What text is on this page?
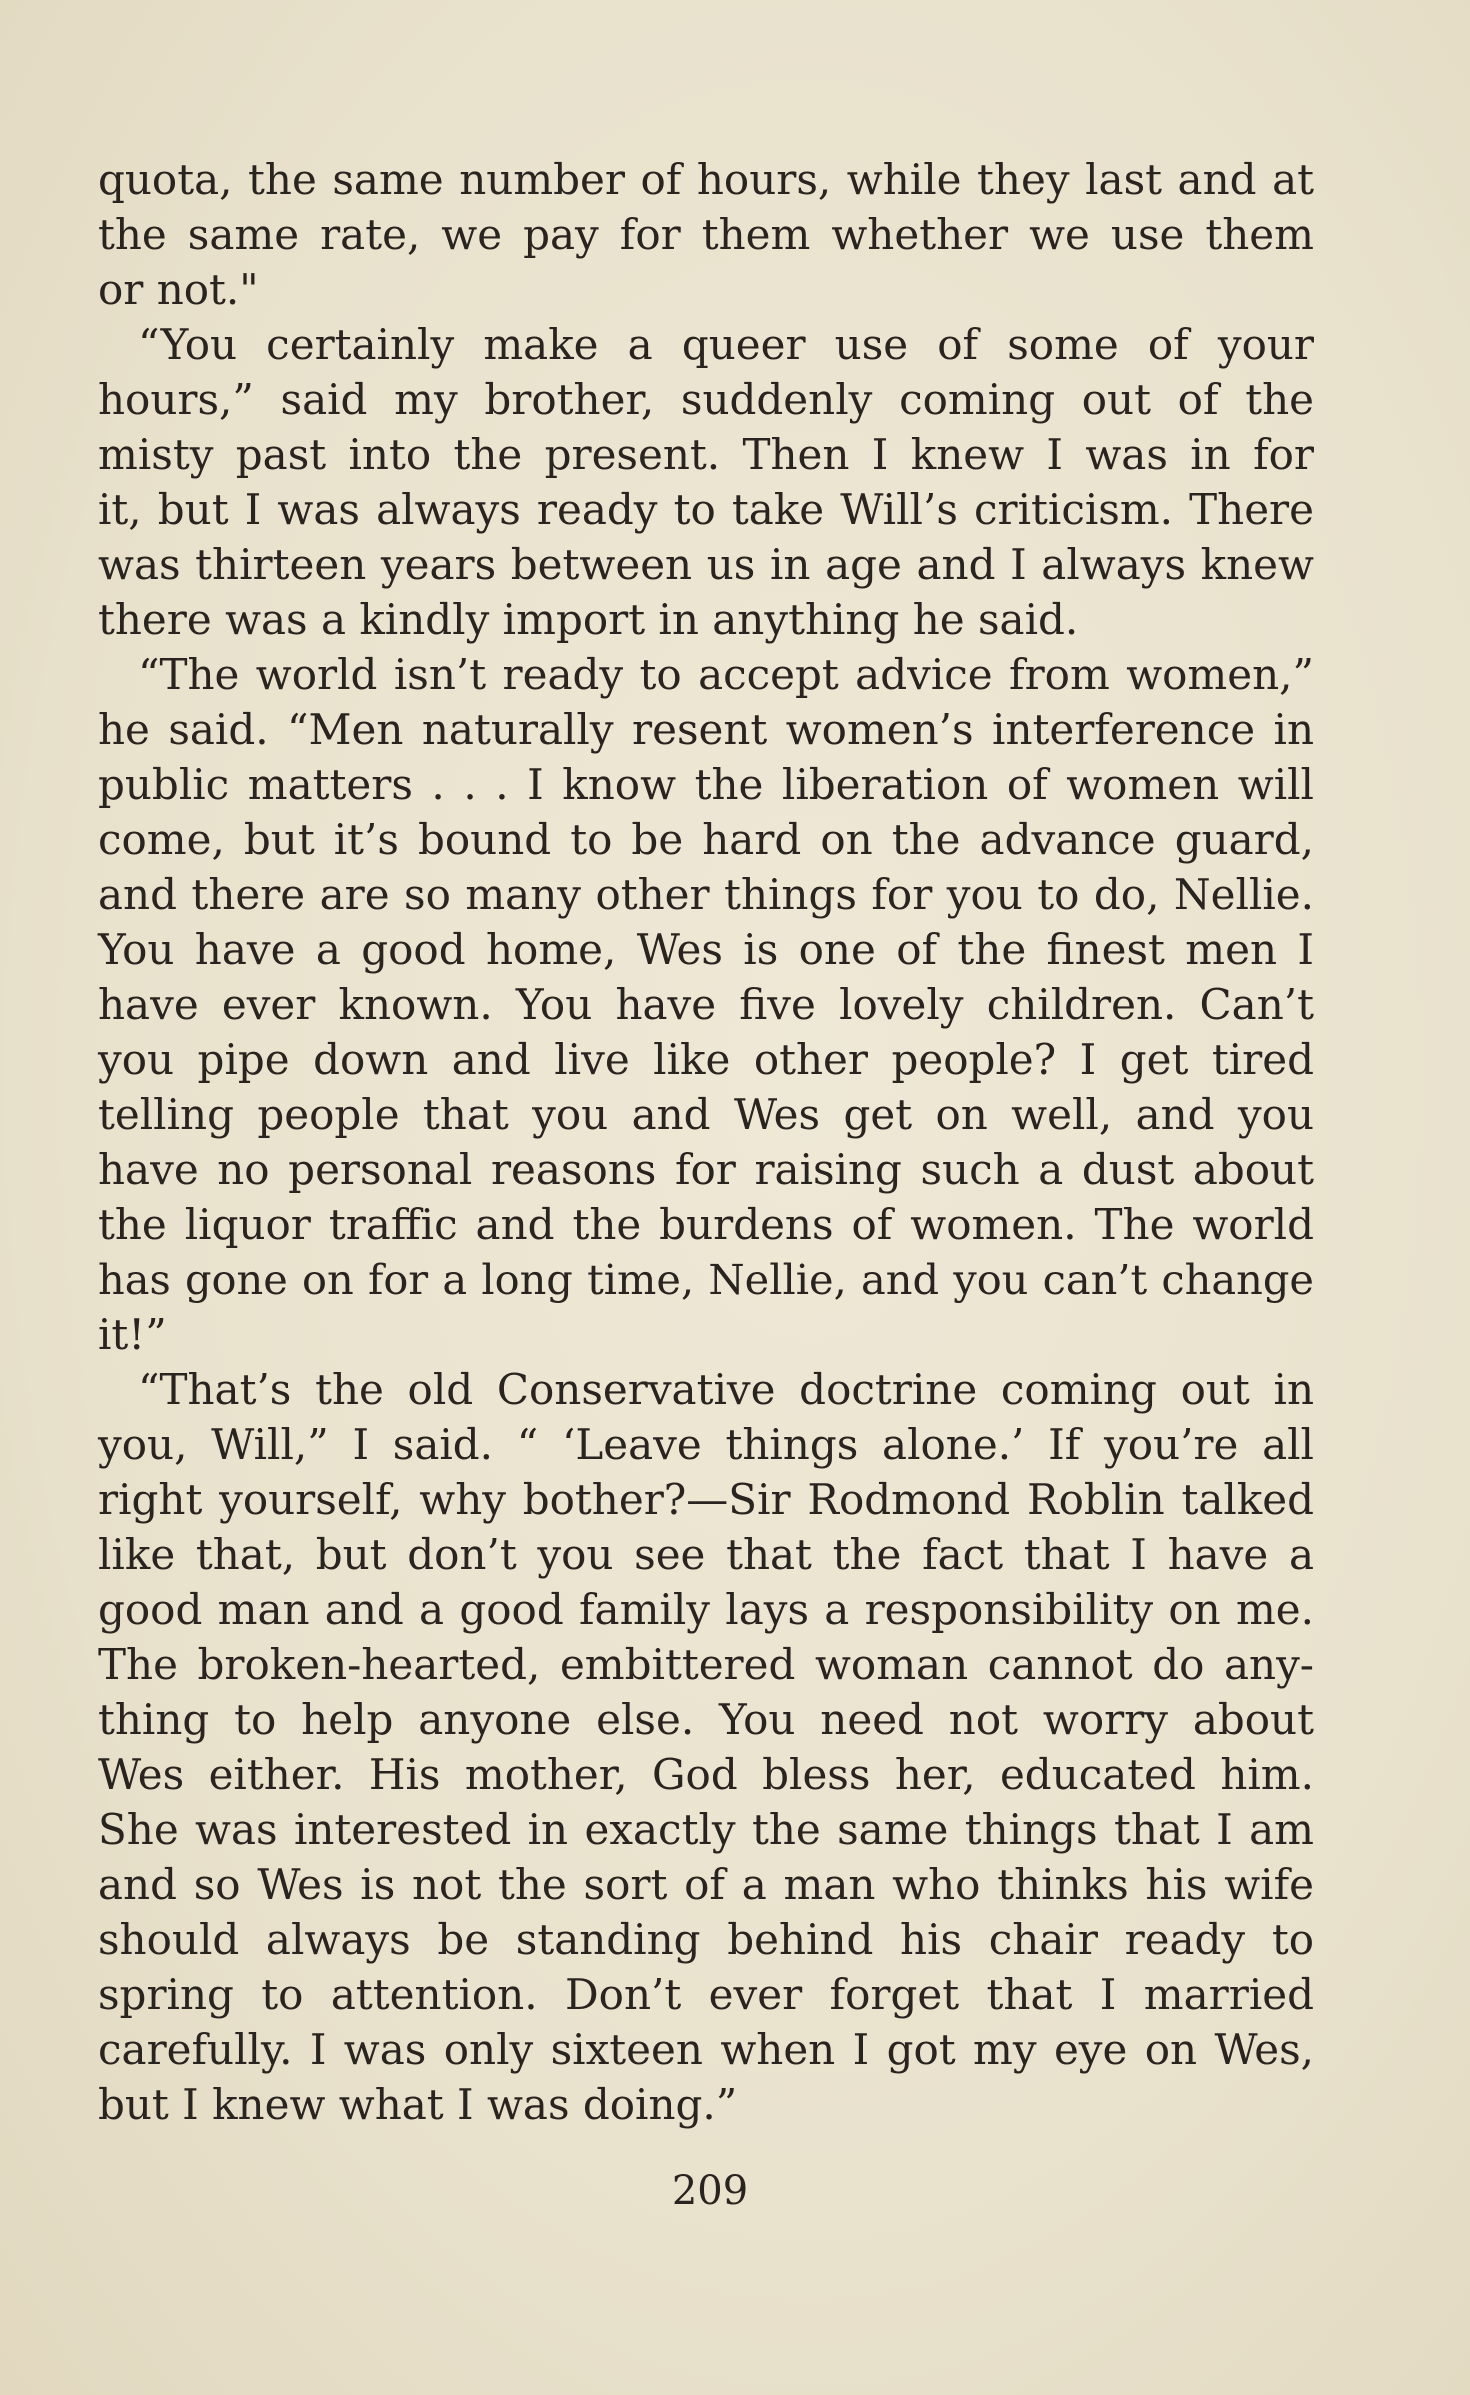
quota, the same number of hours, while they last and at
the same rate, we pay for them whether we use them
or not."
“You certainly make a queer use of some of your
hours,” said my brother, suddenly coming out of the
misty past into the present. Then I knew I was in for
it, but I was always ready to take Will’s criticism. There
was thirteen years between us in age and I always knew
there was a kindly import in anything he said.
“The world isn’t ready to accept advice from women,”
he said. “Men naturally resent women’s interference in
public matters . . . I know the liberation of women will
come, but it’s bound to be hard on the advance guard,
and there are so many other things for you to do, Nellie.
You have a good home, Wes is one of the finest men I
have ever known. You have five lovely children. Can’t
you pipe down and live like other people? I get tired
telling people that you and Wes get on well, and you
have no personal reasons for raising such a dust about
the liquor traffic and the burdens of women. The world
has gone on for a long time, Nellie, and you can’t change
it!”
“That’s the old Conservative doctrine coming out in
you, Will,” I said. “ ‘Leave things alone.’ If you’re all
right yourself, why bother?—Sir Rodmond Roblin talked
like that, but don’t you see that the fact that I have a
good man and a good family lays a responsibility on me.
The broken-hearted, embittered woman cannot do any-
thing to help anyone else. You need not worry about
Wes either. His mother, God bless her, educated him.
She was interested in exactly the same things that I am
and so Wes is not the sort of a man who thinks his wife
should always be standing behind his chair ready to
spring to attention. Don’t ever forget that I married
carefully. I was only sixteen when I got my eye on Wes,
but I knew what I was doing.”
209
